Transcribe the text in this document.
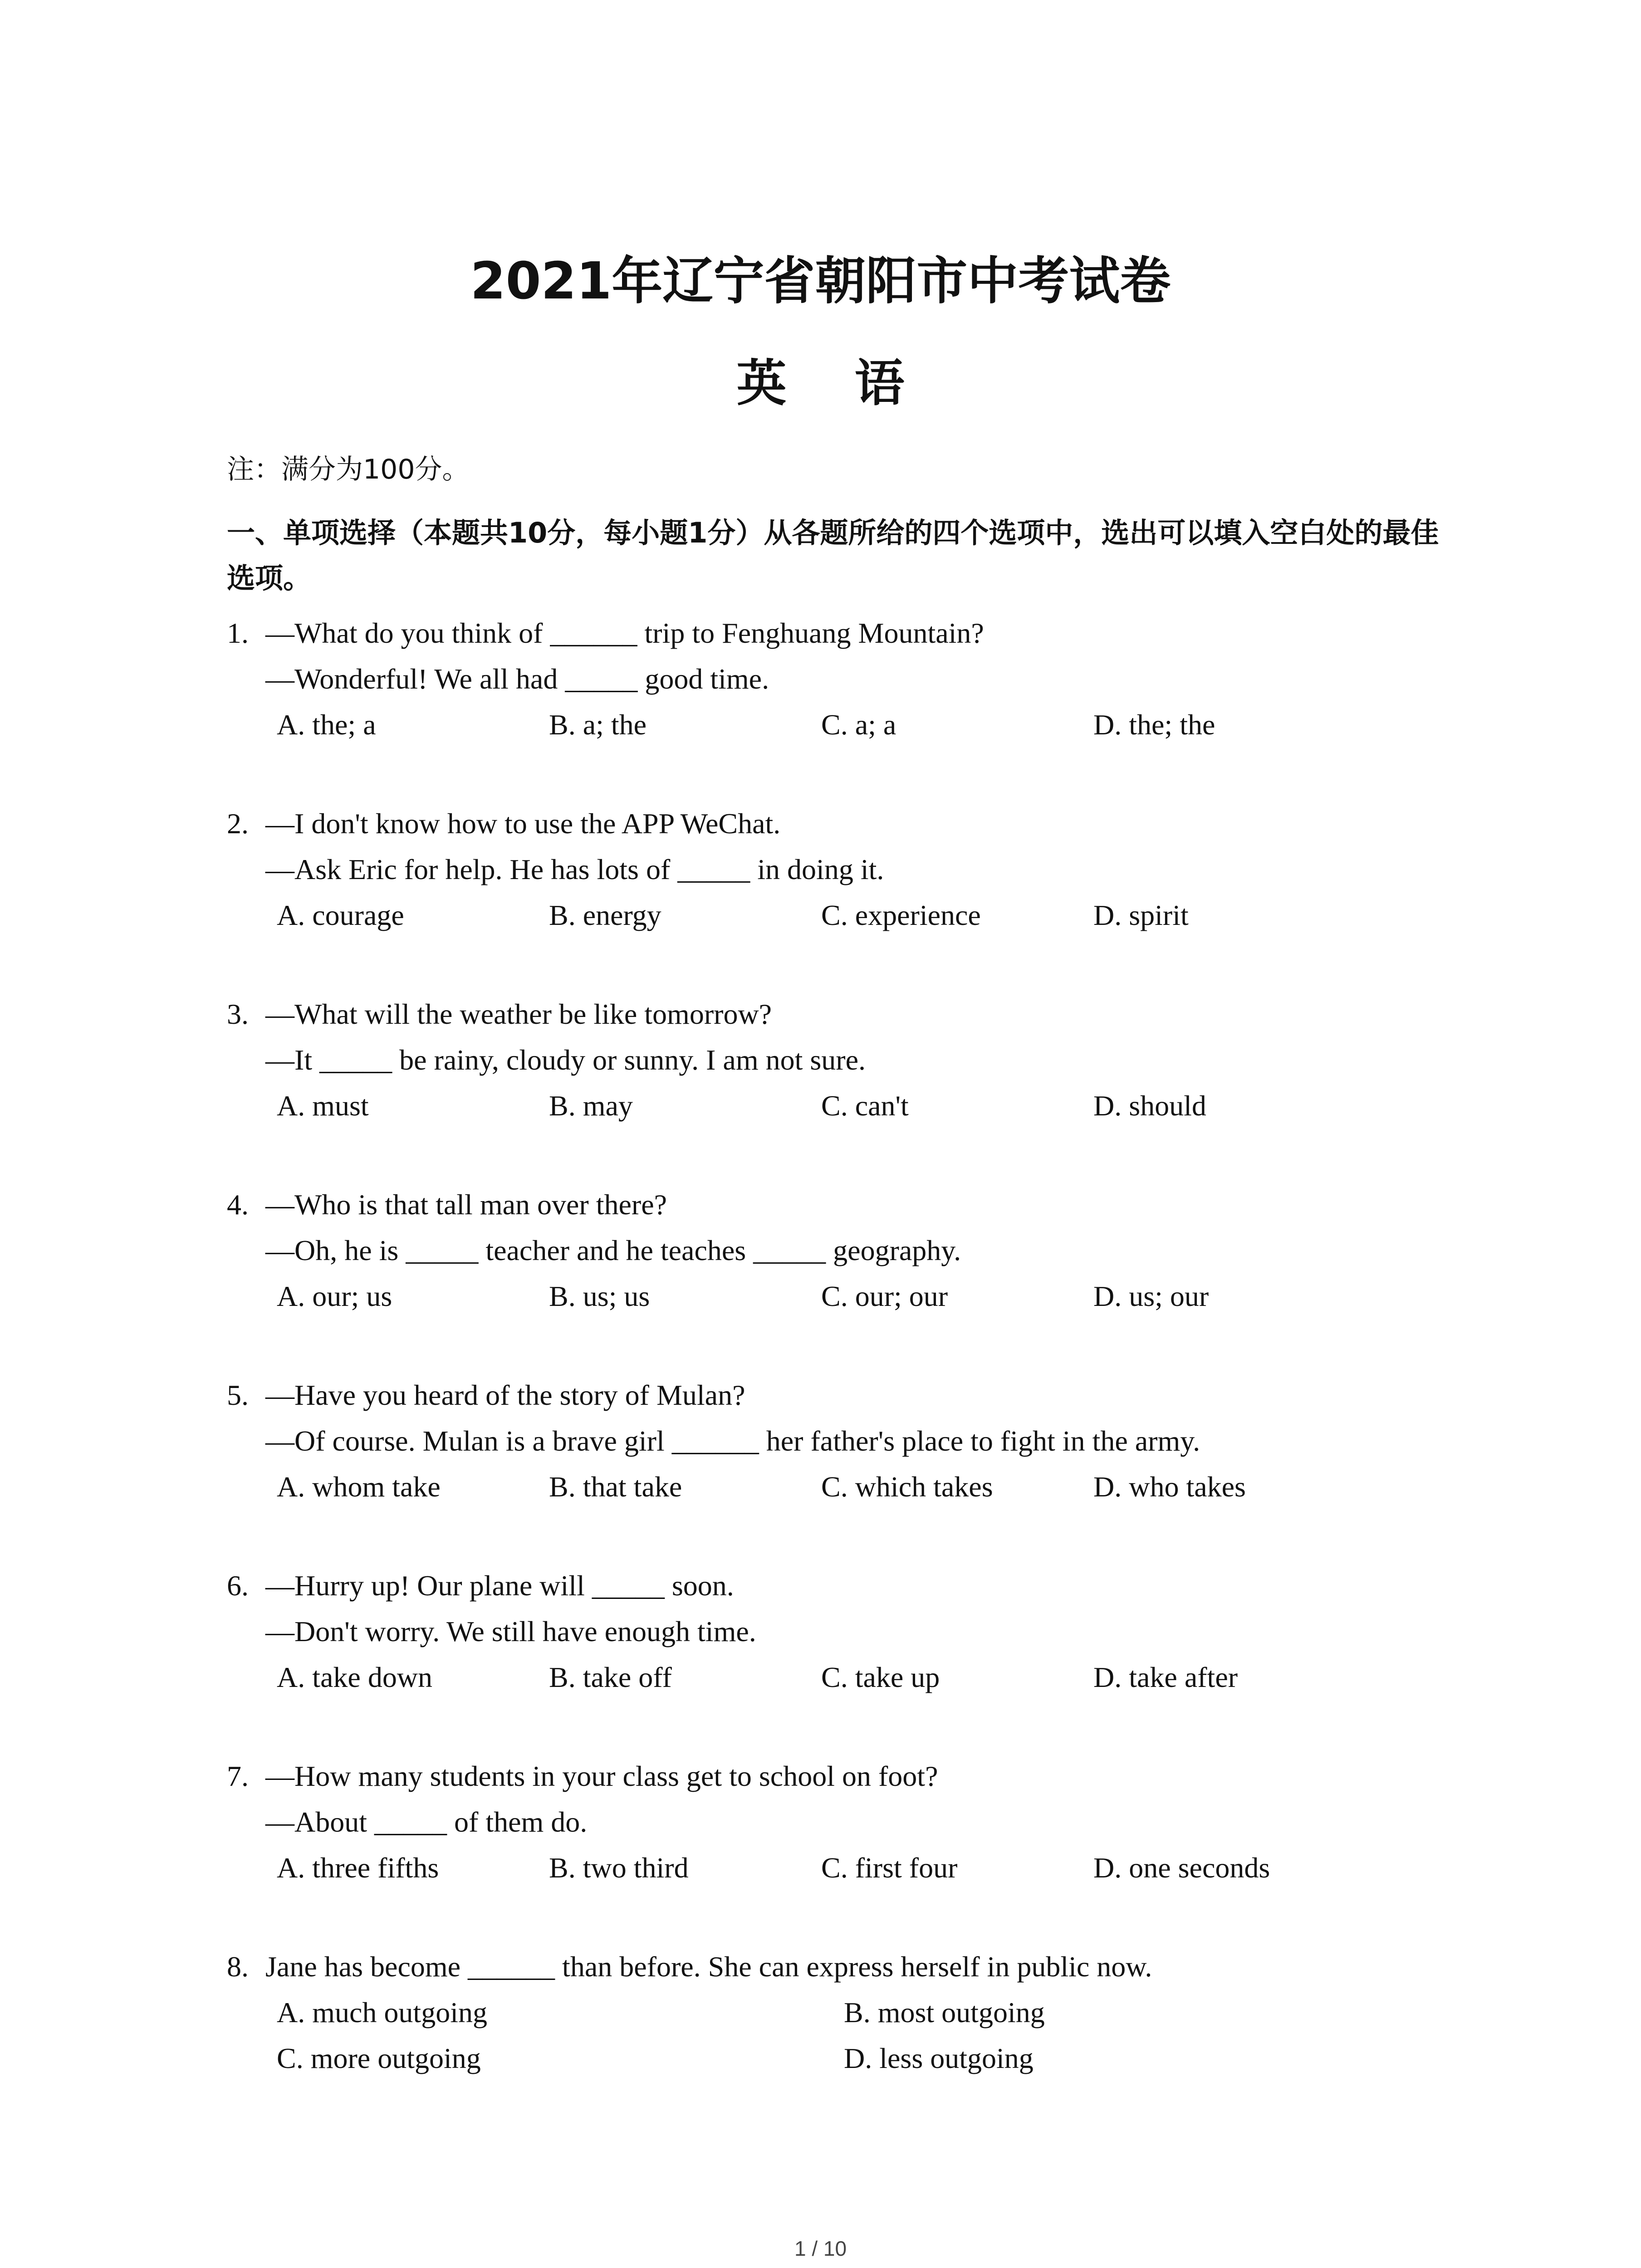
2021年辽宁省朝阳市中考试卷
英语
注：满分为100分。
一、单项选择（本题共10分，每小题1分）从各题所给的四个选项中，选出可以填入空白处的最佳选项。
1. —What do you think of ______ trip to Fenghuang Mountain?
—Wonderful! We all had _____ good time.
A. the; a	B. a; the	C. a; a	D. the; the
2. —I don't know how to use the APP WeChat.
—Ask Eric for help. He has lots of _____ in doing it.
A. courage	B. energy	C. experience	D. spirit
3. —What will the weather be like tomorrow?
—It _____ be rainy, cloudy or sunny. I am not sure.
A. must	B. may	C. can't	D. should
4. —Who is that tall man over there?
—Oh, he is _____ teacher and he teaches _____ geography.
A. our; us	B. us; us	C. our; our	D. us; our
5. —Have you heard of the story of Mulan?
—Of course. Mulan is a brave girl ______ her father's place to fight in the army.
A. whom take	B. that take	C. which takes	D. who takes
6. —Hurry up! Our plane will _____ soon.
—Don't worry. We still have enough time.
A. take down	B. take off	C. take up	D. take after
7. —How many students in your class get to school on foot?
—About _____ of them do.
A. three fifths	B. two third	C. first four	D. one seconds
8. Jane has become ______ than before. She can express herself in public now.
A. much outgoing	B. most outgoing
C. more outgoing	D. less outgoing
1 / 10
